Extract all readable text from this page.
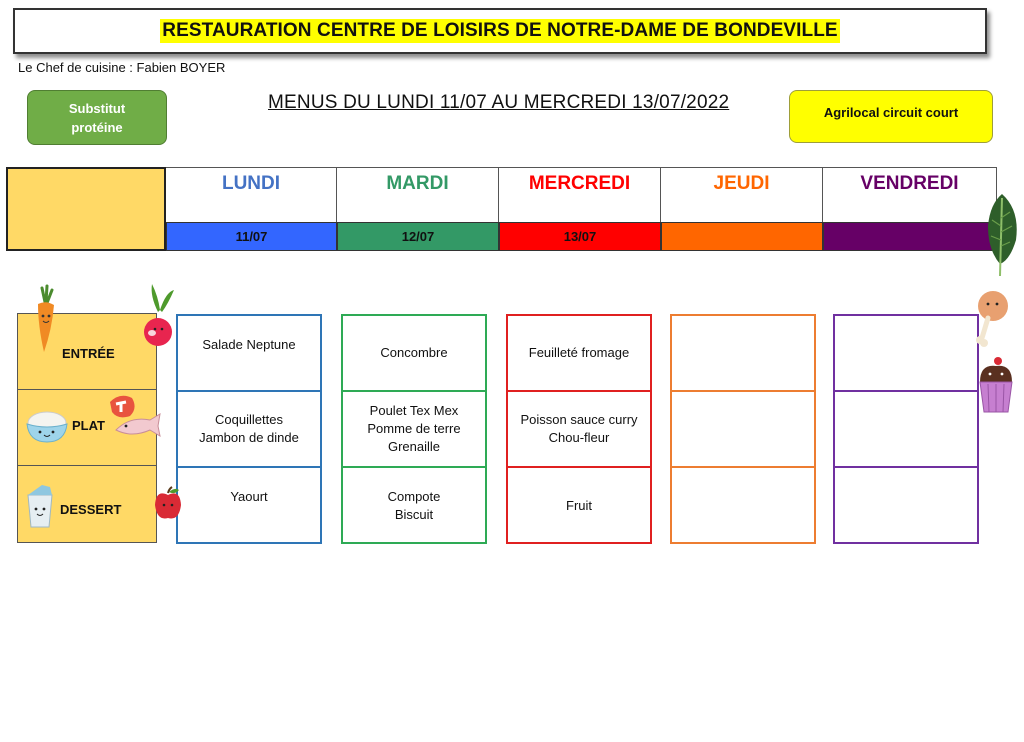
RESTAURATION CENTRE DE LOISIRS DE NOTRE-DAME DE BONDEVILLE
Le Chef de cuisine : Fabien BOYER
Substitut protéine
MENUS DU LUNDI 11/07 AU MERCREDI 13/07/2022	Agrilocal circuit court
LUNDI
11/07
MARDI
12/07
MERCREDI
13/07
JEUDI	VENDREDI
ENTRÉE
PLAT
DESSERT
Salade Neptune
Coquillettes
Jambon de dinde
Yaourt
Concombre
Poulet Tex Mex
Pomme de terre
Grenaille
Compote
Biscuit
Feuilleté fromage
Poisson sauce curry
Chou-fleur
Fruit
